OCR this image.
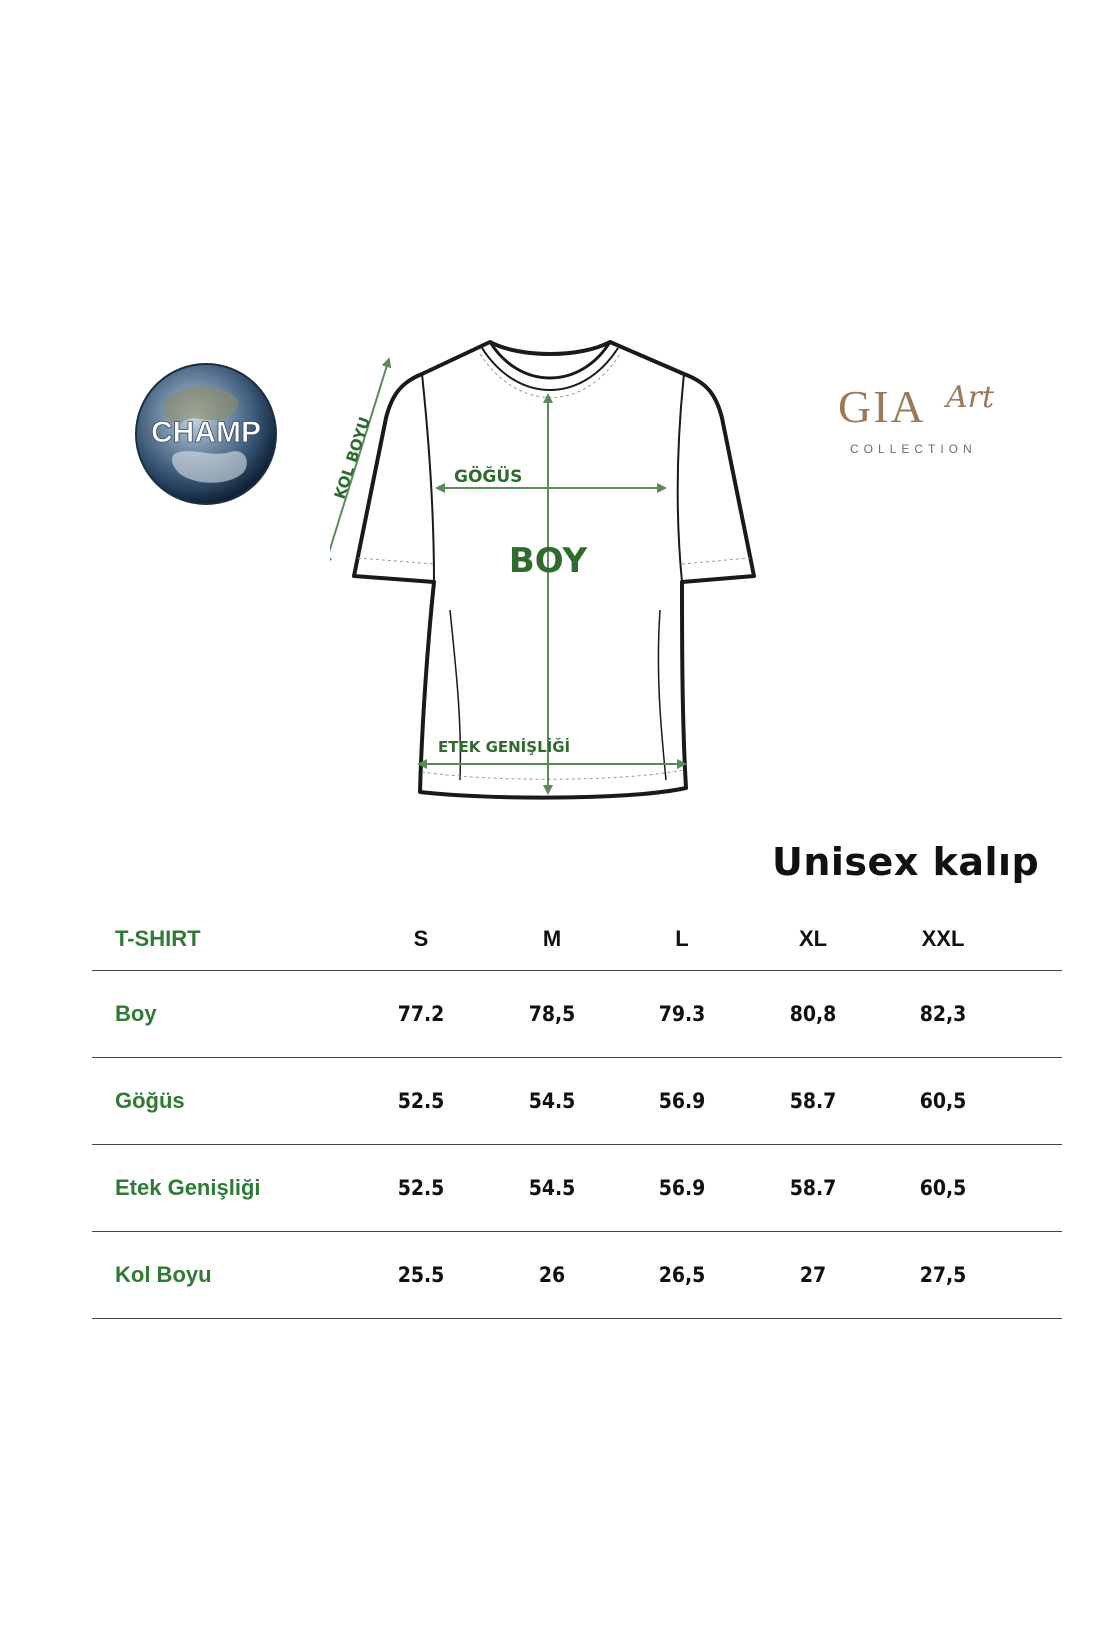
CHAMP
GIA Art
COLLECTION
GÖĞÜS
BOY
ETEK GENİŞLİĞİ
KOL BOYU
Unisex kalıp
T-SHIRT	S	M	L	XL	XXL
Boy	77.2	78,5	79.3	80,8	82,3
Göğüs	52.5	54.5	56.9	58.7	60,5
Etek Genişliği	52.5	54.5	56.9	58.7	60,5
Kol Boyu	25.5	26	26,5	27	27,5
